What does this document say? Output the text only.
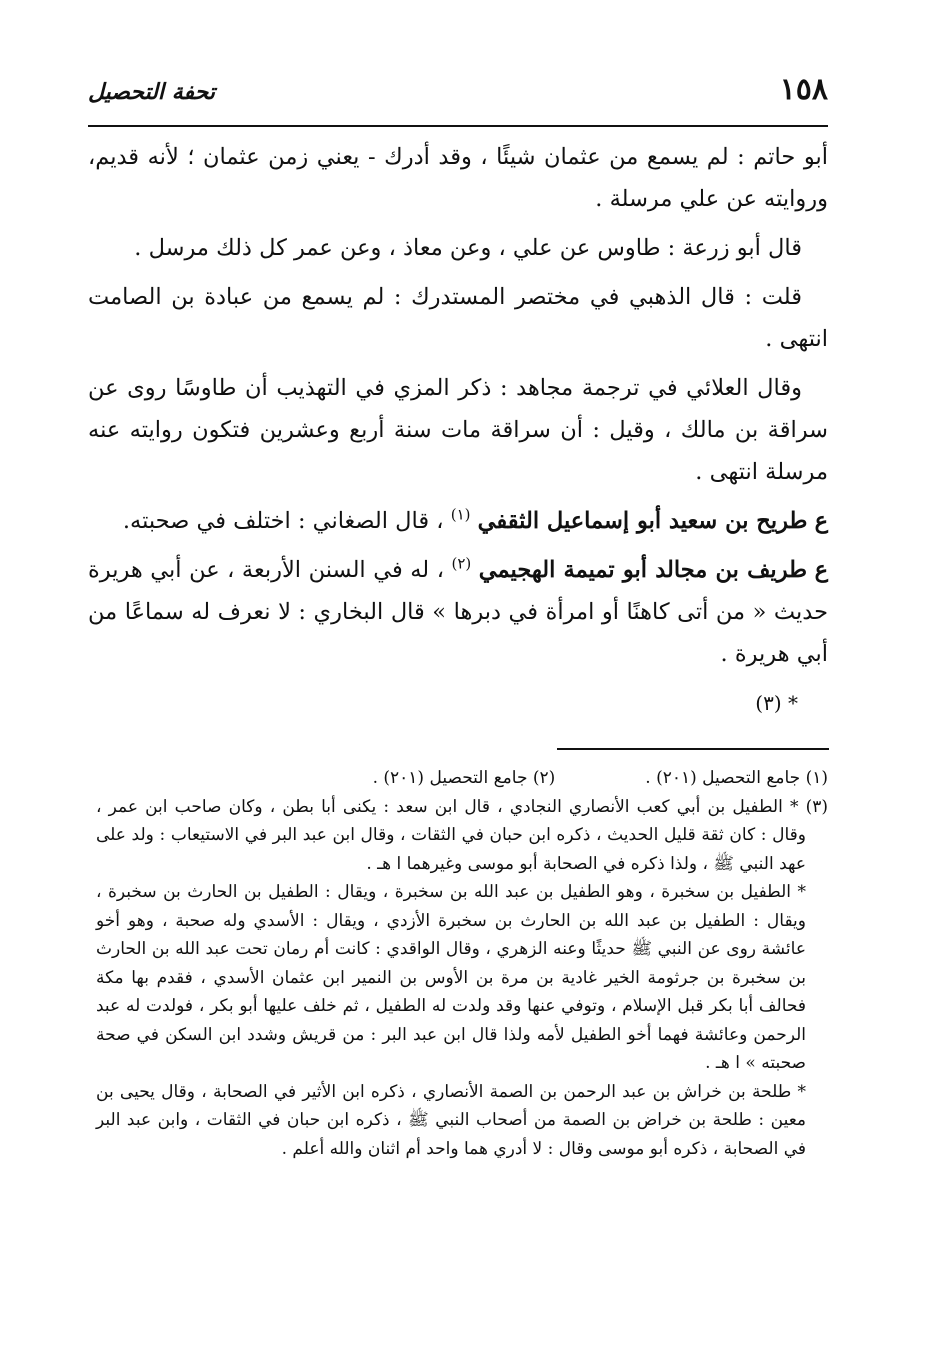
١٥٨
تحفة التحصيل

أبو حاتم : لم يسمع من عثمان شيئًا ، وقد أدرك - يعني زمن عثمان ؛ لأنه قديم، وروايته عن علي مرسلة .

قال أبو زرعة : طاوس عن علي ، وعن معاذ ، وعن عمر كل ذلك مرسل .

قلت : قال الذهبي في مختصر المستدرك : لم يسمع من عبادة بن الصامت انتهى .

وقال العلائي في ترجمة مجاهد : ذكر المزي في التهذيب أن طاوسًا روى عن سراقة بن مالك ، وقيل : أن سراقة مات سنة أربع وعشرين فتكون روايته عنه مرسلة انتهى .

ع طريح بن سعيد أبو إسماعيل الثقفي $^{(١)}$ ، قال الصغاني : اختلف في صحبته.

ع طريف بن مجالد أبو تميمة الهجيمي $^{(٢)}$ ، له في السنن الأربعة ، عن أبي هريرة حديث « من أتى كاهنًا أو امرأة في دبرها » قال البخاري : لا نعرف له سماعًا من أبي هريرة .

* (٣)

(١) جامع التحصيل (٢٠١) .
(٢) جامع التحصيل (٢٠١) .

(٣) * الطفيل بن أبي كعب الأنصاري النجادي ، قال ابن سعد : يكنى أبا بطن ، وكان صاحب ابن عمر ، وقال : كان ثقة قليل الحديث ، ذكره ابن حبان في الثقات ، وقال ابن عبد البر في الاستيعاب : ولد على عهد النبي ﷺ ، ولذا ذكره في الصحابة أبو موسى وغيرهما ا هـ .

* الطفيل بن سخبرة ، وهو الطفيل بن عبد الله بن سخبرة ، ويقال : الطفيل بن الحارث بن سخبرة ، ويقال : الطفيل بن عبد الله بن الحارث بن سخبرة الأزدي ، ويقال : الأسدي وله صحبة ، وهو أخو عائشة روى عن النبي ﷺ حديثًا وعنه الزهري ، وقال الواقدي : كانت أم رمان تحت عبد الله بن الحارث بن سخبرة بن جرثومة الخير غادية بن مرة بن الأوس بن النمير ابن عثمان الأسدي ، فقدم بها مكة فحالف أبا بكر قبل الإسلام ، وتوفي عنها وقد ولدت له الطفيل ، ثم خلف عليها أبو بكر ، فولدت له عبد الرحمن وعائشة فهما أخو الطفيل لأمه ولذا قال ابن عبد البر : من قريش وشدد ابن السكن في صحة صحبته » ا هـ .

* طلحة بن خراش بن عبد الرحمن بن الصمة الأنصاري ، ذكره ابن الأثير في الصحابة ، وقال يحيى بن معين : طلحة بن خراض بن الصمة من أصحاب النبي ﷺ ، ذكره ابن حبان في الثقات ، وابن عبد البر في الصحابة ، ذكره أبو موسى وقال : لا أدري هما واحد أم اثنان والله أعلم .
